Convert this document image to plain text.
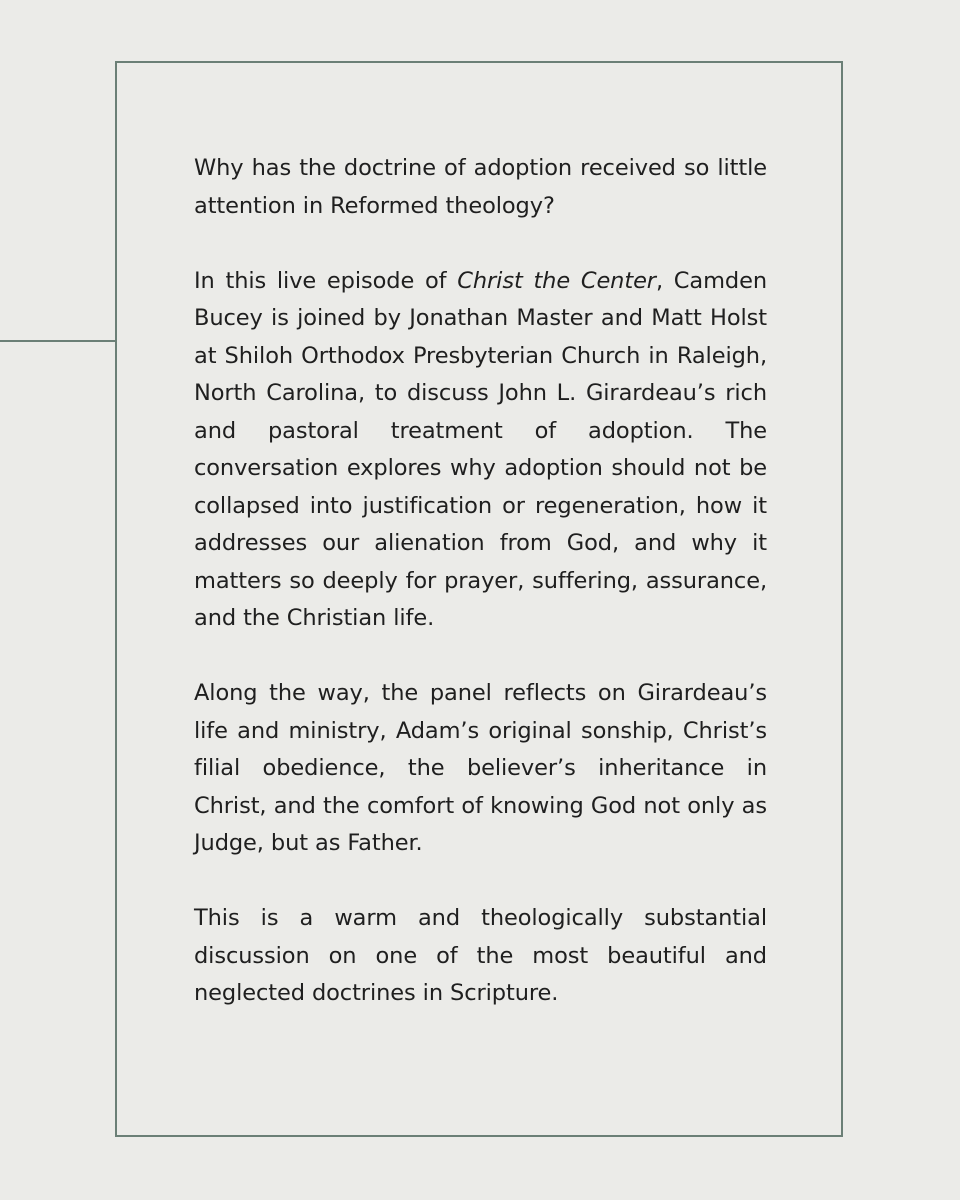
Why has the doctrine of adoption received so little attention in Reformed theology?

In this live episode of Christ the Center, Camden Bucey is joined by Jonathan Master and Matt Holst at Shiloh Orthodox Presbyterian Church in Raleigh, North Carolina, to discuss John L. Girardeau’s rich and pastoral treatment of adoption. The conversation explores why adoption should not be collapsed into justification or regeneration, how it addresses our alienation from God, and why it matters so deeply for prayer, suffering, assurance, and the Christian life.

Along the way, the panel reflects on Girardeau’s life and ministry, Adam’s original sonship, Christ’s filial obedience, the believer’s inheritance in Christ, and the comfort of knowing God not only as Judge, but as Father.

This is a warm and theologically substantial discussion on one of the most beautiful and neglected doctrines in Scripture.
